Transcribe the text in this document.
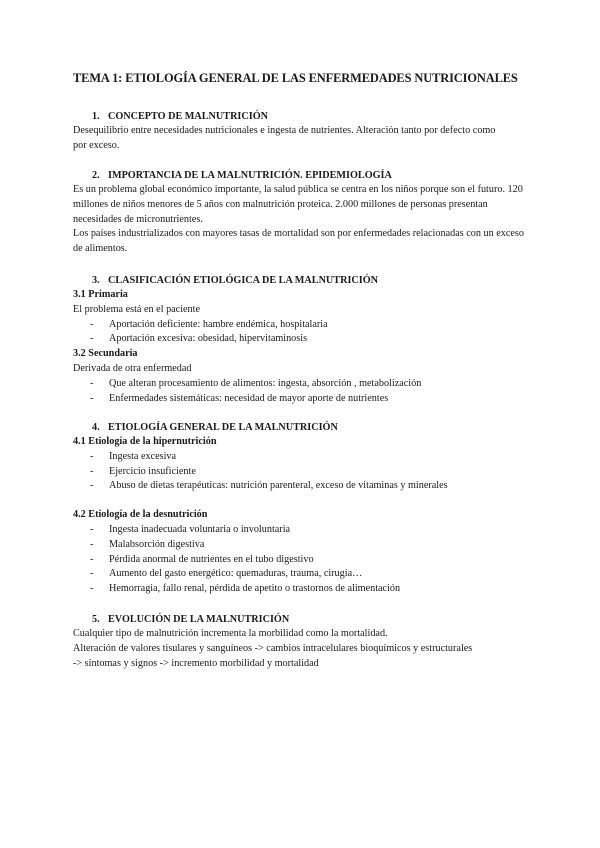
TEMA 1: ETIOLOGÍA GENERAL DE LAS ENFERMEDADES NUTRICIONALES
1. CONCEPTO DE MALNUTRICIÓN
Desequilibrio entre necesidades nutricionales e ingesta de nutrientes. Alteración tanto por defecto como por exceso.
2. IMPORTANCIA DE LA MALNUTRICIÓN. EPIDEMIOLOGÍA
Es un problema global económico importante, la salud pública se centra en los niños porque son el futuro. 120 millones de niños menores de 5 años con malnutrición proteica. 2.000 millones de personas presentan necesidades de micronutrientes.
Los países industrializados con mayores tasas de mortalidad son por enfermedades relacionadas con un exceso de alimentos.
3. CLASIFICACIÓN ETIOLÓGICA DE LA MALNUTRICIÓN
3.1 Primaria
El problema está en el paciente
- Aportación deficiente: hambre endémica, hospitalaria
- Aportación excesiva: obesidad, hipervitaminosis
3.2 Secundaria
Derivada de otra enfermedad
- Que alteran procesamiento de alimentos: ingesta, absorción , metabolización
- Enfermedades sistemáticas: necesidad de mayor aporte de nutrientes
4. ETIOLOGÍA GENERAL DE LA MALNUTRICIÓN
4.1 Etiología de la hipernutrición
- Ingesta excesiva
- Ejercicio insuficiente
- Abuso de dietas terapéuticas: nutrición parenteral, exceso de vitaminas y minerales
4.2 Etiología de la desnutrición
- Ingesta inadecuada voluntaria o involuntaria
- Malabsorción digestiva
- Pérdida anormal de nutrientes en el tubo digestivo
- Aumento del gasto energético: quemaduras, trauma, cirugía…
- Hemorragia, fallo renal, pérdida de apetito o trastornos de alimentación
5. EVOLUCIÓN DE LA MALNUTRICIÓN
Cualquier tipo de malnutrición incrementa la morbilidad como la mortalidad.
Alteración de valores tisulares y sanguíneos -> cambios intracelulares bioquímicos y estructurales -> síntomas y signos -> incremento morbilidad y mortalidad
